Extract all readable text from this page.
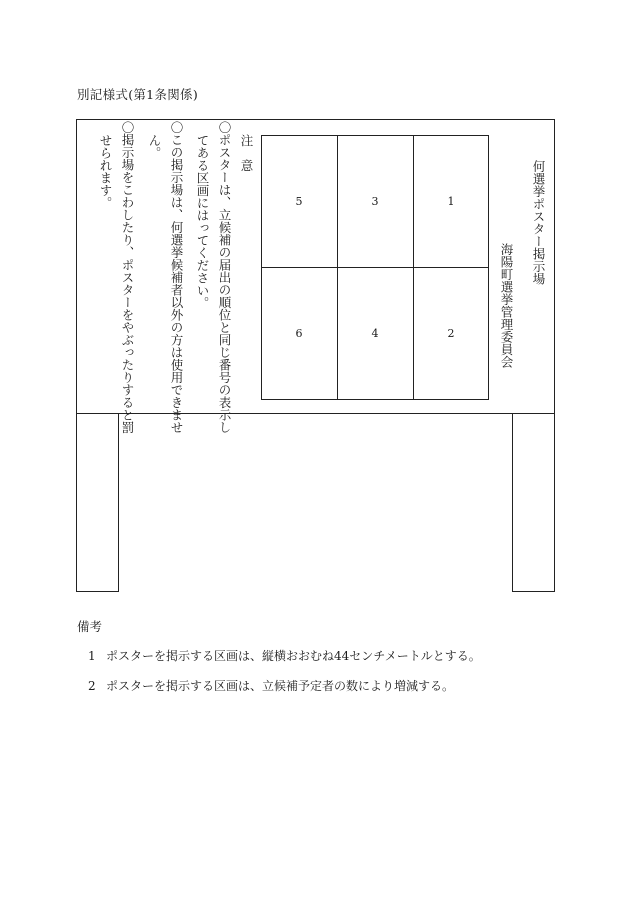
別記様式(第1条関係)
何選挙ポスター掲示場
海陽町選挙管理委員会
1
3
5
2
4
6
注　意
〇ポスターは、立候補の届出の順位と同じ番号の表示し
てある区画にはってください。
〇この掲示場は、何選挙候補者以外の方は使用できませ
ん。
〇掲示場をこわしたり、ポスターをやぶったりすると罰
せられます。
備考
1 ポスターを掲示する区画は、縦横おおむね44センチメートルとする。
2 ポスターを掲示する区画は、立候補予定者の数により増減する。
